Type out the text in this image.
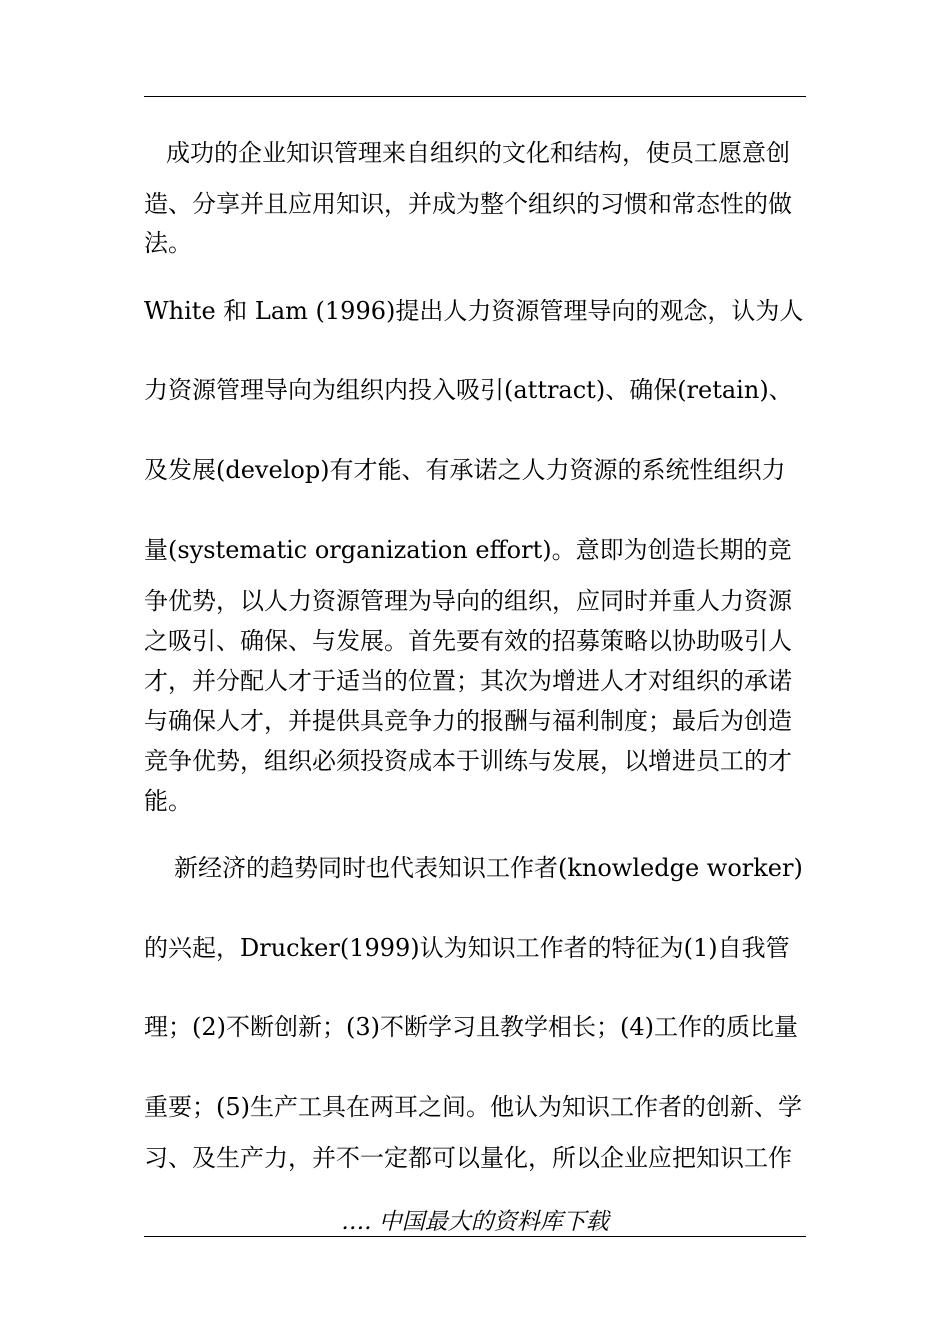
成功的企业知识管理来自组织的文化和结构，使员工愿意创
造、分享并且应用知识，并成为整个组织的习惯和常态性的做
法。
White 和 Lam (1996)提出人力资源管理导向的观念，认为人
力资源管理导向为组织内投入吸引(attract)、确保(retain)、
及发展(develop)有才能、有承诺之人力资源的系统性组织力
量(systematic organization effort)。意即为创造长期的竞
争优势，以人力资源管理为导向的组织，应同时并重人力资源
之吸引、确保、与发展。首先要有效的招募策略以协助吸引人
才，并分配人才于适当的位置；其次为增进人才对组织的承诺
与确保人才，并提供具竞争力的报酬与福利制度；最后为创造
竞争优势，组织必须投资成本于训练与发展，以增进员工的才
能。
新经济的趋势同时也代表知识工作者(knowledge worker)
的兴起，Drucker(1999)认为知识工作者的特征为(1)自我管
理；(2)不断创新；(3)不断学习且教学相长；(4)工作的质比量
重要；(5)生产工具在两耳之间。他认为知识工作者的创新、学
习、及生产力，并不一定都可以量化，所以企业应把知识工作
…. 中国最大的资料库下载
